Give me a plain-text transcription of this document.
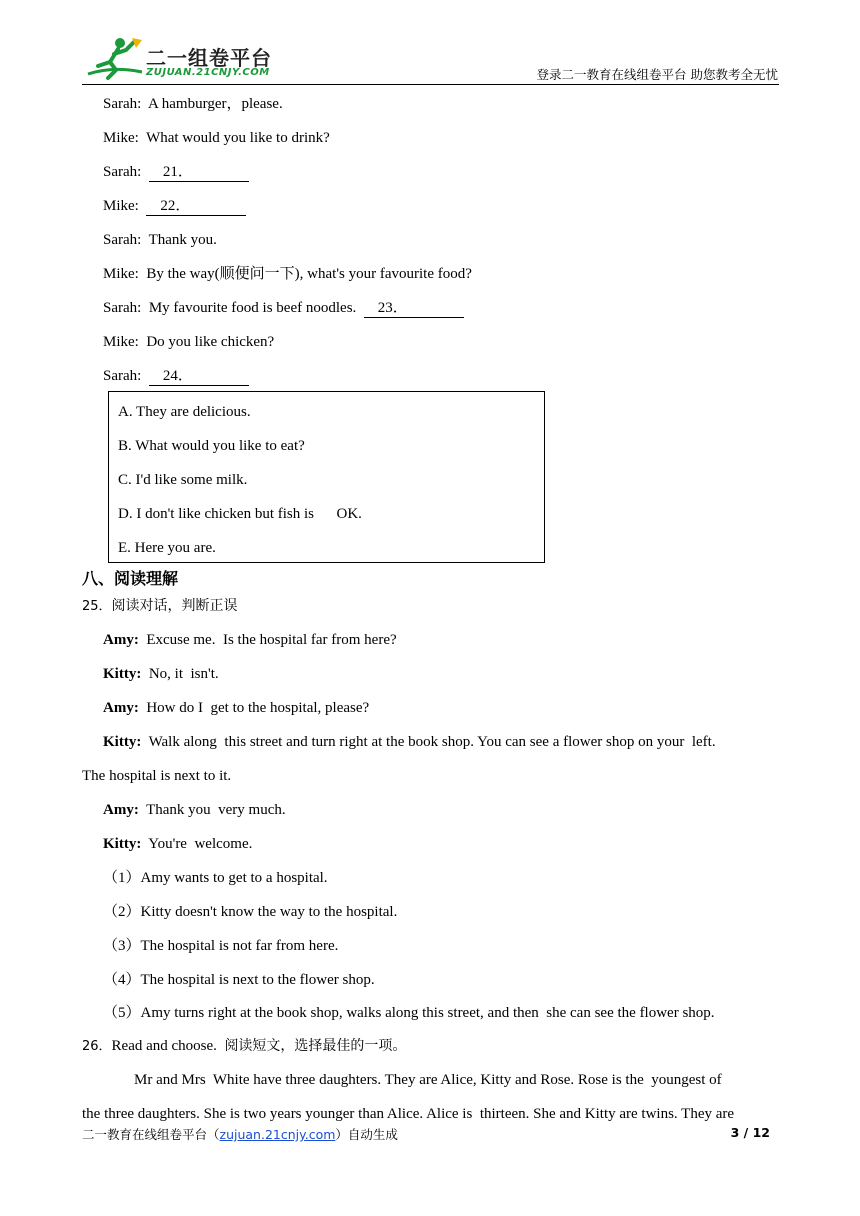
二一组卷平台
ZUJUAN.21CNJY.COM	登录二一教育在线组卷平台 助您教考全无忧
Sarah: A hamburger，please.
Mike: What would you like to drink?
Sarah: 21．
Mike: 22．
Sarah: Thank you.
Mike: By the way(顺便问一下), what's your favourite food?
Sarah: My favourite food is beef noodles. 23．
Mike: Do you like chicken?
Sarah: 24．
A. They are delicious.
B. What would you like to eat?
C. I'd like some milk.
D. I don't like chicken but fish is      OK.
E. Here you are.
八、阅读理解
25．阅读对话，判断正误
Amy: Excuse me.  Is the hospital far from here?
Kitty: No, it  isn't.
Amy: How do I  get to the hospital, please?
Kitty: Walk along  this street and turn right at the book shop. You can see a flower shop on your  left.
The hospital is next to it.
Amy: Thank you  very much.
Kitty: You're  welcome.
（1）Amy wants to get to a hospital.
（2）Kitty doesn't know the way to the hospital.
（3）The hospital is not far from here.
（4）The hospital is next to the flower shop.
（5）Amy turns right at the book shop, walks along this street, and then  she can see the flower shop.
26．Read and choose. 阅读短文，选择最佳的一项。
Mr and Mrs  White have three daughters. They are Alice, Kitty and Rose. Rose is the  youngest of
the three daughters. She is two years younger than Alice. Alice is  thirteen. She and Kitty are twins. They are
二一教育在线组卷平台（zujuan.21cnjy.com）自动生成	3 / 12
